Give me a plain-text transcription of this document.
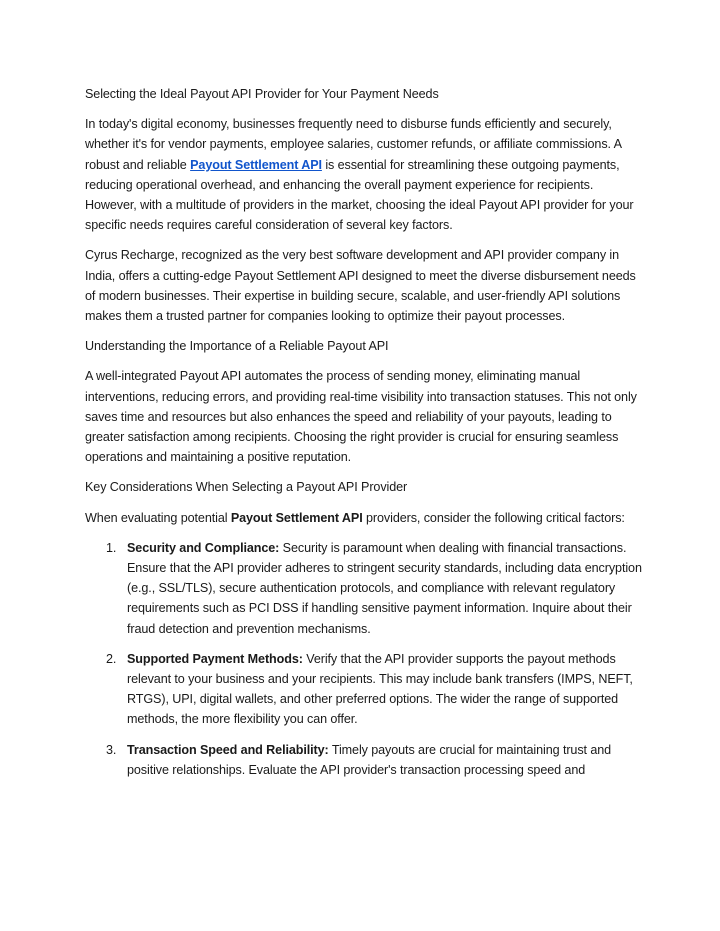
Selecting the Ideal Payout API Provider for Your Payment Needs

In today's digital economy, businesses frequently need to disburse funds efficiently and securely, whether it's for vendor payments, employee salaries, customer refunds, or affiliate commissions. A robust and reliable Payout Settlement API is essential for streamlining these outgoing payments, reducing operational overhead, and enhancing the overall payment experience for recipients. However, with a multitude of providers in the market, choosing the ideal Payout API provider for your specific needs requires careful consideration of several key factors.

Cyrus Recharge, recognized as the very best software development and API provider company in India, offers a cutting-edge Payout Settlement API designed to meet the diverse disbursement needs of modern businesses. Their expertise in building secure, scalable, and user-friendly API solutions makes them a trusted partner for companies looking to optimize their payout processes.

Understanding the Importance of a Reliable Payout API

A well-integrated Payout API automates the process of sending money, eliminating manual interventions, reducing errors, and providing real-time visibility into transaction statuses. This not only saves time and resources but also enhances the speed and reliability of your payouts, leading to greater satisfaction among recipients. Choosing the right provider is crucial for ensuring seamless operations and maintaining a positive reputation.

Key Considerations When Selecting a Payout API Provider

When evaluating potential Payout Settlement API providers, consider the following critical factors:

1. Security and Compliance: Security is paramount when dealing with financial transactions. Ensure that the API provider adheres to stringent security standards, including data encryption (e.g., SSL/TLS), secure authentication protocols, and compliance with relevant regulatory requirements such as PCI DSS if handling sensitive payment information. Inquire about their fraud detection and prevention mechanisms.
2. Supported Payment Methods: Verify that the API provider supports the payout methods relevant to your business and your recipients. This may include bank transfers (IMPS, NEFT, RTGS), UPI, digital wallets, and other preferred options. The wider the range of supported methods, the more flexibility you can offer.
3. Transaction Speed and Reliability: Timely payouts are crucial for maintaining trust and positive relationships. Evaluate the API provider's transaction processing speed and
